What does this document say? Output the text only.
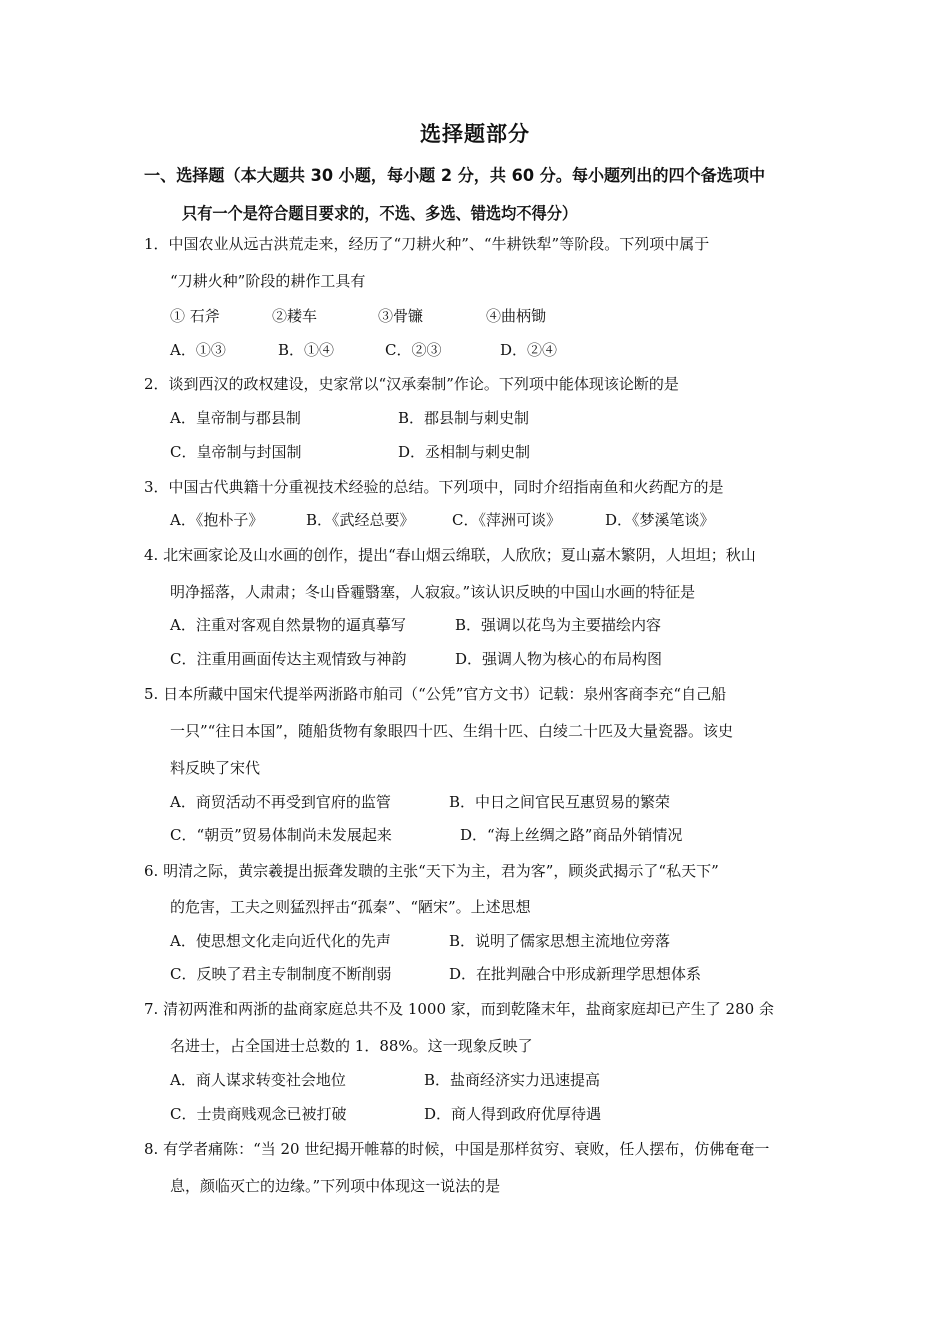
选择题部分
一、选择题（本大题共 30 小题，每小题 2 分，共 60 分。每小题列出的四个备选项中
只有一个是符合题目要求的，不选、多选、错选均不得分）
1．中国农业从远古洪荒走来，经历了“刀耕火种”、“牛耕铁犁”等阶段。下列项中属于
“刀耕火种”阶段的耕作工具有
① 石斧	②耧车	③骨镰	④曲柄锄
A．①③	B．①④	C．②③	D．②④
2．谈到西汉的政权建设，史家常以“汉承秦制”作论。下列项中能体现该论断的是
A．皇帝制与郡县制	B．郡县制与刺史制
C．皇帝制与封国制	D．丞相制与刺史制
3．中国古代典籍十分重视技术经验的总结。下列项中，同时介绍指南鱼和火药配方的是
A．《抱朴子》	B．《武经总要》 C．《萍洲可谈》	D．《梦溪笔谈》
4. 北宋画家论及山水画的创作，提出“春山烟云绵联，人欣欣；夏山嘉木繁阴，人坦坦；秋山
明净摇落，人肃肃；冬山昏霾翳塞，人寂寂。”该认识反映的中国山水画的特征是
A．注重对客观自然景物的逼真摹写	B．强调以花鸟为主要描绘内容
C．注重用画面传达主观情致与神韵	D．强调人物为核心的布局构图
5. 日本所藏中国宋代提举两浙路市舶司（“公凭”官方文书）记载：泉州客商李充“自己船
一只”“往日本国”，随船货物有象眼四十匹、生绢十匹、白绫二十匹及大量瓷器。该史
料反映了宋代
A．商贸活动不再受到官府的监管	B．中日之间官民互惠贸易的繁荣
C．“朝贡”贸易体制尚未发展起来	D．“海上丝绸之路”商品外销情况
6. 明清之际，黄宗羲提出振聋发聩的主张“天下为主，君为客”，顾炎武揭示了“私天下”
的危害，工夫之则猛烈抨击“孤秦”、“陋宋”。上述思想
A．使思想文化走向近代化的先声	B．说明了儒家思想主流地位旁落
C．反映了君主专制制度不断削弱	D．在批判融合中形成新理学思想体系
7. 清初两淮和两浙的盐商家庭总共不及 1000 家，而到乾隆末年，盐商家庭却已产生了 280 余
名进士，占全国进士总数的 1．88%。这一现象反映了
A．商人谋求转变社会地位	B．盐商经济实力迅速提高
C．士贵商贱观念已被打破	D．商人得到政府优厚待遇
8. 有学者痛陈：“当 20 世纪揭开帷幕的时候，中国是那样贫穷、衰败，任人摆布，仿佛奄奄一
息，颜临灭亡的边缘。”下列项中体现这一说法的是
